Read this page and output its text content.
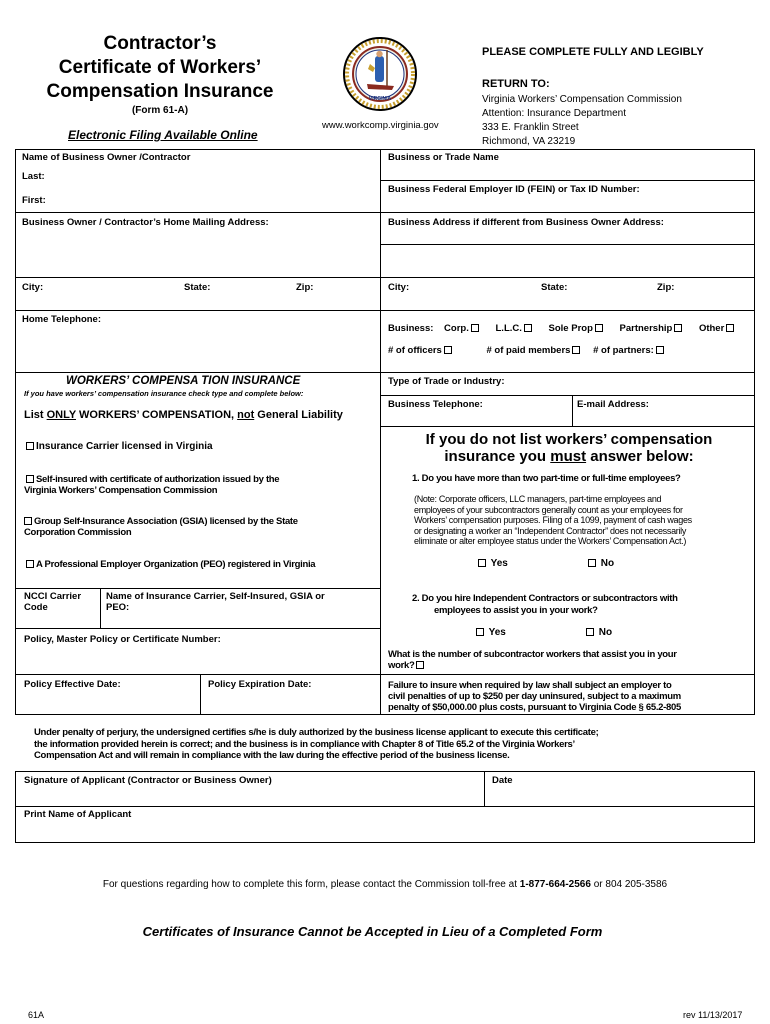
Contractor’s
Certificate of Workers’
Compensation Insurance
(Form 61-A)
Electronic Filing Available Online
VIRGINIA
www.workcomp.virginia.gov
PLEASE COMPLETE FULLY AND LEGIBLY
RETURN TO:
Virginia Workers’ Compensation Commission
Attention: Insurance Department
333 E. Franklin Street
Richmond, VA 23219
Name of Business Owner /Contractor
Last:
First:
Business Owner / Contractor’s Home Mailing Address:
City:	State:	Zip:
Home Telephone:
WORKERS’ COMPENSA TION INSURANCE
If you have workers’ compensation insurance check type and complete below:
List ONLY WORKERS’ COMPENSATION, not General Liability
Insurance Carrier licensed in Virginia
Self-insured with certificate of authorization issued by the
Virginia Workers’ Compensation Commission
Group Self-Insurance Association (GSIA) licensed by the State
Corporation Commission
A Professional Employer Organization (PEO) registered in Virginia
NCCI Carrier
Code
Name of Insurance Carrier, Self-Insured, GSIA or
PEO:
Policy, Master Policy or Certificate Number:
Policy Effective Date:	Policy Expiration Date:
Business or Trade Name
Business Federal Employer ID (FEIN) or Tax ID Number:
Business Address if different from Business Owner Address:
City:	State:	Zip:
Business: Corp.	L.L.C.	Sole Prop	Partnership	Other
# of officers	# of paid members # of partners:
Type of Trade or Industry:
Business Telephone:	E-mail Address:
If you do not list workers’ compensation
insurance you must answer below:
1. Do you have more than two part-time or full-time employees?
(Note: Corporate officers, LLC managers, part-time employees and
employees of your subcontractors generally count as your employees for
Workers’ compensation purposes. Filing of a 1099, payment of cash wages
or designating a worker an “Independent Contractor” does not necessarily
eliminate or alter employee status under the Workers’ Compensation Act.)
Yes	No
2. Do you hire Independent Contractors or subcontractors with
employees to assist you in your work?
Yes	No
What is the number of subcontractor workers that assist you in your
work?
Failure to insure when required by law shall subject an employer to
civil penalties of up to $250 per day uninsured, subject to a maximum
penalty of $50,000.00 plus costs, pursuant to Virginia Code § 65.2-805
Under penalty of perjury, the undersigned certifies s/he is duly authorized by the business license applicant to execute this certificate;
the information provided herein is correct; and the business is in compliance with Chapter 8 of Title 65.2 of the Virginia Workers’
Compensation Act and will remain in compliance with the law during the effective period of the business license.
Signature of Applicant (Contractor or Business Owner)	Date
Print Name of Applicant
For questions regarding how to complete this form, please contact the Commission toll-free at 1-877-664-2566 or 804 205-3586
Certificates of Insurance Cannot be Accepted in Lieu of a Completed Form
61A	rev 11/13/2017
